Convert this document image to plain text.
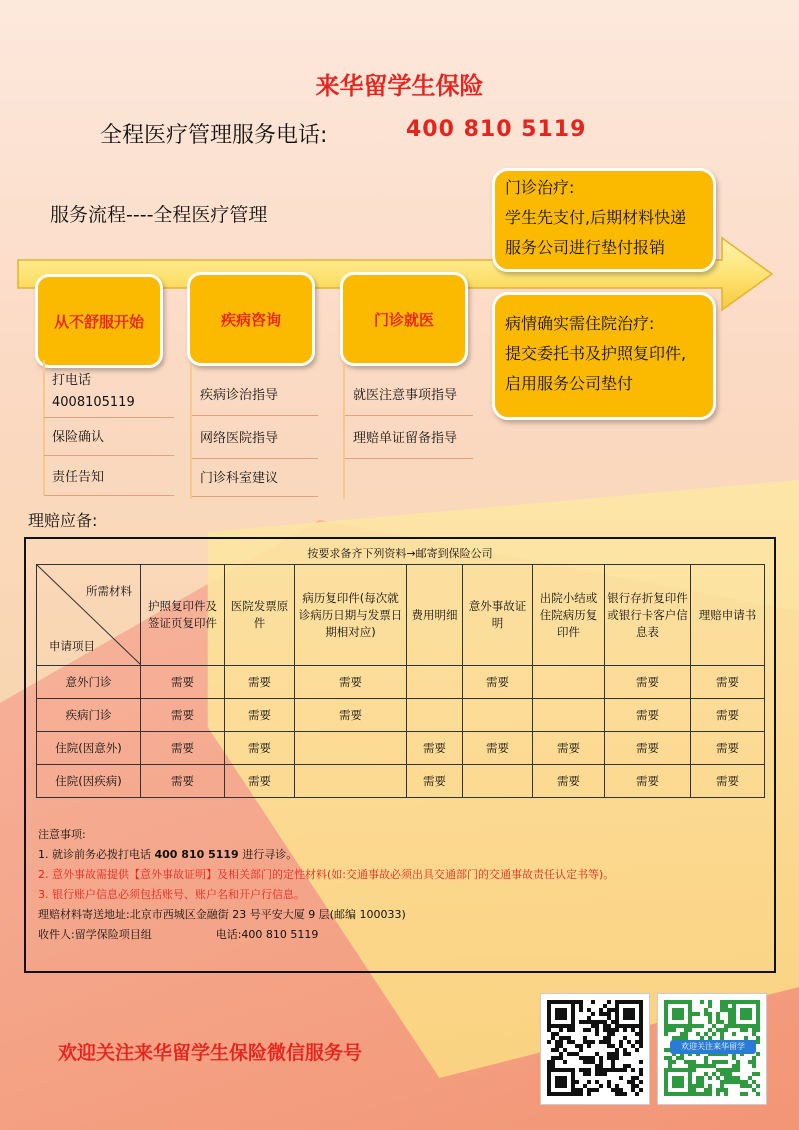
来华留学生保险
全程医疗管理服务电话:	400 810 5119
服务流程----全程医疗管理
从不舒服开始	疾病咨询	门诊就医
打电话
4008105119
保险确认
责任告知
疾病诊治指导
网络医院指导
门诊科室建议
就医注意事项指导
理赔单证留备指导
门诊治疗:
学生先支付,后期材料快递
服务公司进行垫付报销
病情确实需住院治疗:
提交委托书及护照复印件,
启用服务公司垫付
理赔应备:
按要求备齐下列资料→邮寄到保险公司
所需材料
申请项目	护照复印件及签证页复印件	医院发票原件	病历复印件(每次就诊病历日期与发票日期相对应)	费用明细	意外事故证明	出院小结或住院病历复印件	银行存折复印件或银行卡客户信息表	理赔申请书
意外门诊	需要	需要	需要		需要		需要	需要
疾病门诊	需要	需要	需要				需要	需要
住院(因意外)	需要	需要		需要	需要	需要	需要	需要
住院(因疾病)	需要	需要		需要		需要	需要	需要
注意事项:
1. 就诊前务必拨打电话 400 810 5119 进行寻诊。
2. 意外事故需提供【意外事故证明】及相关部门的定性材料(如:交通事故必须出具交通部门的交通事故责任认定书等)。
3. 银行账户信息必须包括账号、账户名和开户行信息。
理赔材料寄送地址:北京市西城区金融街 23 号平安大厦 9 层(邮编 100033)
收件人:留学保险项目组	电话:400 810 5119
欢迎关注来华留学生保险微信服务号	欢迎关注来华留学
